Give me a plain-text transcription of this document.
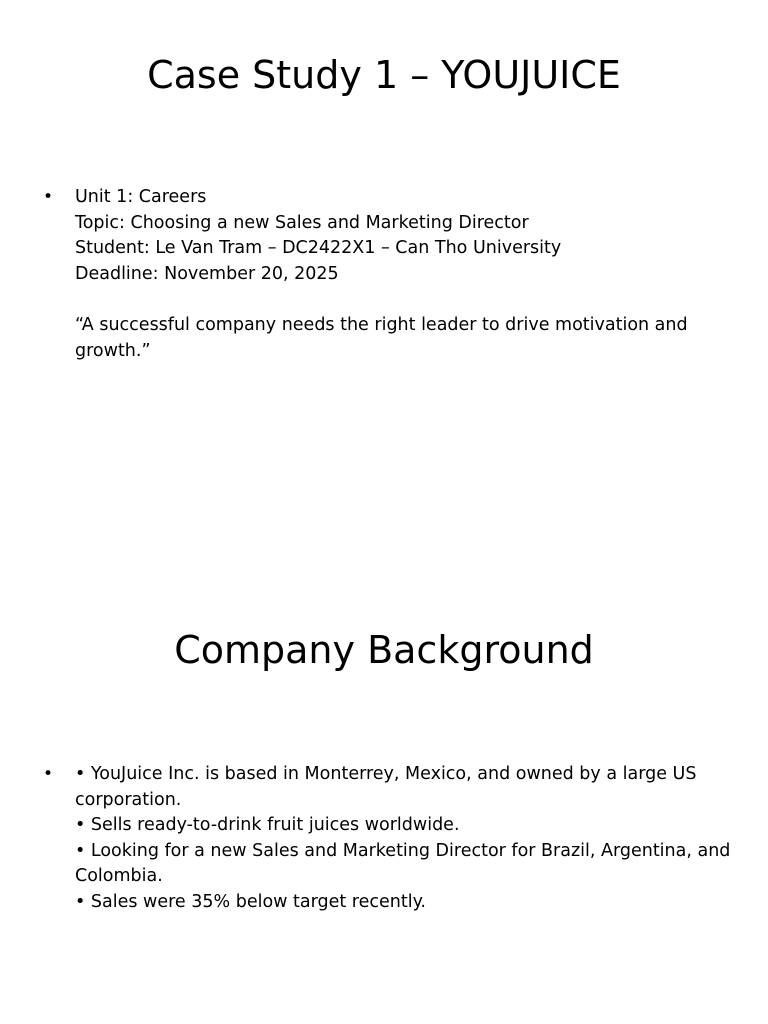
Case Study 1 – YOUJUICE
• Unit 1: Careers
Topic: Choosing a new Sales and Marketing Director
Student: Le Van Tram – DC2422X1 – Can Tho University
Deadline: November 20, 2025
“A successful company needs the right leader to drive motivation and growth.”
Company Background
• • YouJuice Inc. is based in Monterrey, Mexico, and owned by a large US corporation.
• Sells ready-to-drink fruit juices worldwide.
• Looking for a new Sales and Marketing Director for Brazil, Argentina, and Colombia.
• Sales were 35% below target recently.
